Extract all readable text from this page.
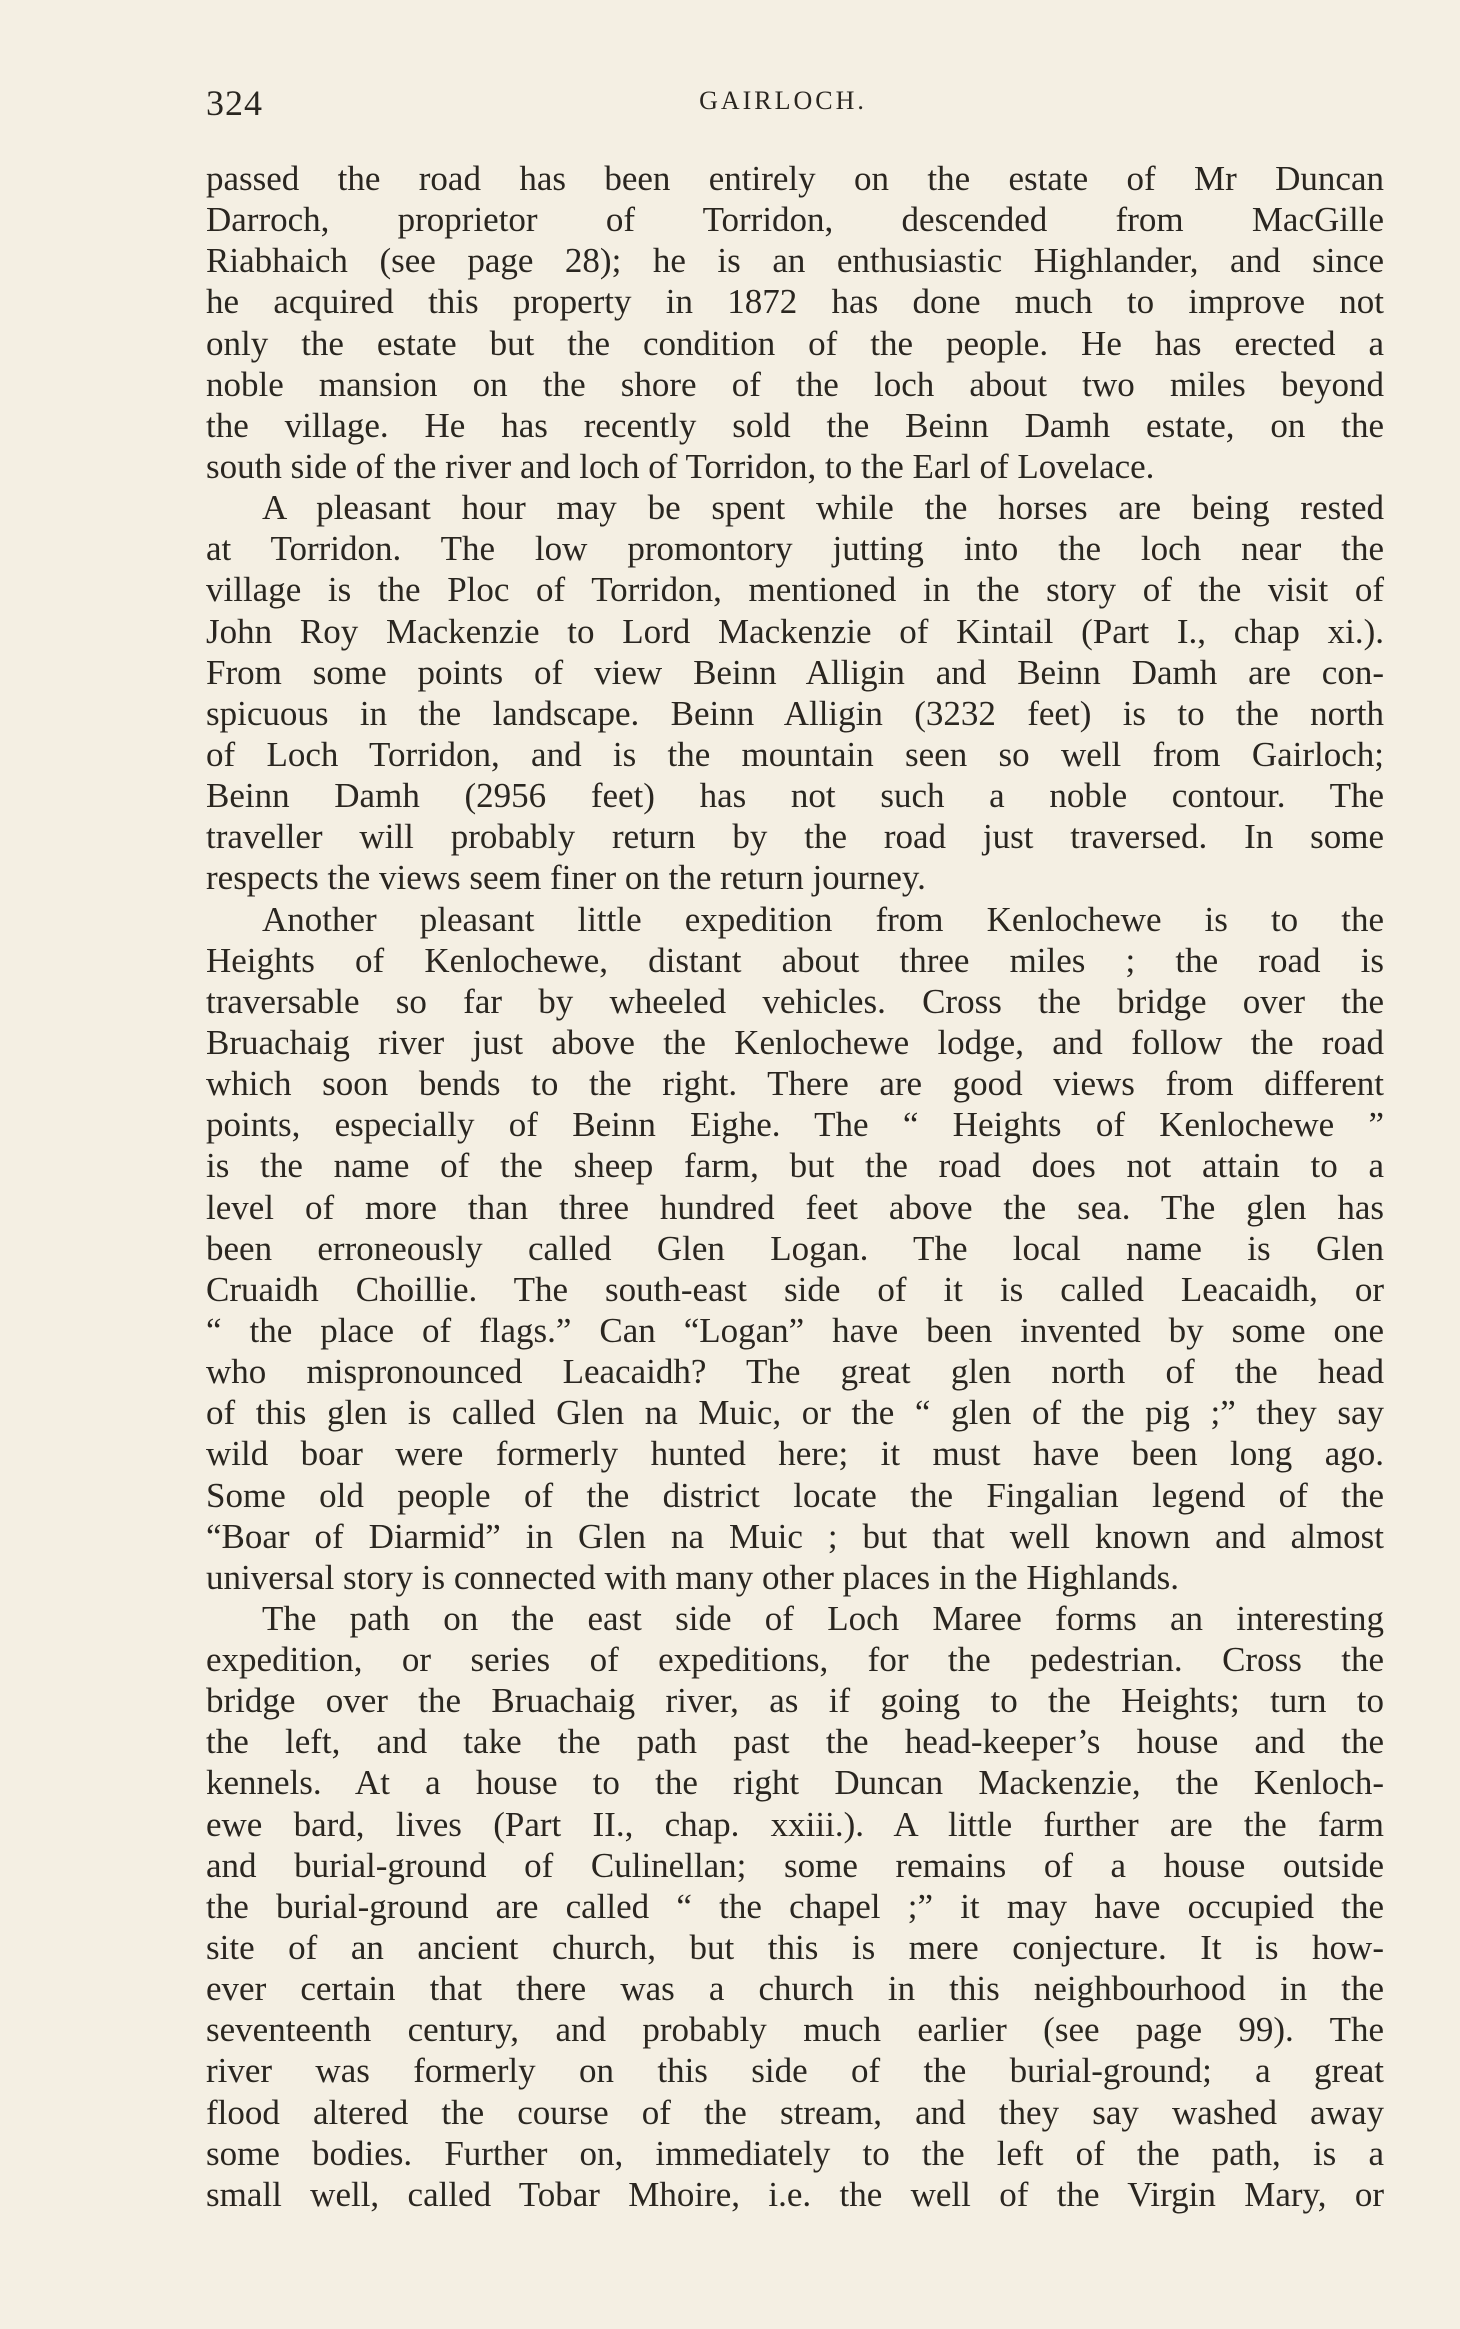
324	GAIRLOCH.
passed the road has been entirely on the estate of Mr Duncan
Darroch, proprietor of Torridon, descended from MacGille
Riabhaich (see page 28); he is an enthusiastic Highlander, and since
he acquired this property in 1872 has done much to improve not
only the estate but the condition of the people. He has erected a
noble mansion on the shore of the loch about two miles beyond
the village. He has recently sold the Beinn Damh estate, on the
south side of the river and loch of Torridon, to the Earl of Lovelace.
A pleasant hour may be spent while the horses are being rested
at Torridon. The low promontory jutting into the loch near the
village is the Ploc of Torridon, mentioned in the story of the visit of
John Roy Mackenzie to Lord Mackenzie of Kintail (Part I., chap xi.).
From some points of view Beinn Alligin and Beinn Damh are con-
spicuous in the landscape. Beinn Alligin (3232 feet) is to the north
of Loch Torridon, and is the mountain seen so well from Gairloch;
Beinn Damh (2956 feet) has not such a noble contour. The
traveller will probably return by the road just traversed. In some
respects the views seem finer on the return journey.
Another pleasant little expedition from Kenlochewe is to the
Heights of Kenlochewe, distant about three miles ; the road is
traversable so far by wheeled vehicles. Cross the bridge over the
Bruachaig river just above the Kenlochewe lodge, and follow the road
which soon bends to the right. There are good views from different
points, especially of Beinn Eighe. The “ Heights of Kenlochewe ”
is the name of the sheep farm, but the road does not attain to a
level of more than three hundred feet above the sea. The glen has
been erroneously called Glen Logan. The local name is Glen
Cruaidh Choillie. The south-east side of it is called Leacaidh, or
“ the place of flags.” Can “Logan” have been invented by some one
who mispronounced Leacaidh? The great glen north of the head
of this glen is called Glen na Muic, or the “ glen of the pig ;” they say
wild boar were formerly hunted here; it must have been long ago.
Some old people of the district locate the Fingalian legend of the
“Boar of Diarmid” in Glen na Muic ; but that well known and almost
universal story is connected with many other places in the Highlands.
The path on the east side of Loch Maree forms an interesting
expedition, or series of expeditions, for the pedestrian. Cross the
bridge over the Bruachaig river, as if going to the Heights; turn to
the left, and take the path past the head-keeper’s house and the
kennels. At a house to the right Duncan Mackenzie, the Kenloch-
ewe bard, lives (Part II., chap. xxiii.). A little further are the farm
and burial-ground of Culinellan; some remains of a house outside
the burial-ground are called “ the chapel ;” it may have occupied the
site of an ancient church, but this is mere conjecture. It is how-
ever certain that there was a church in this neighbourhood in the
seventeenth century, and probably much earlier (see page 99). The
river was formerly on this side of the burial-ground; a great
flood altered the course of the stream, and they say washed away
some bodies. Further on, immediately to the left of the path, is a
small well, called Tobar Mhoire, i.e. the well of the Virgin Mary, or
